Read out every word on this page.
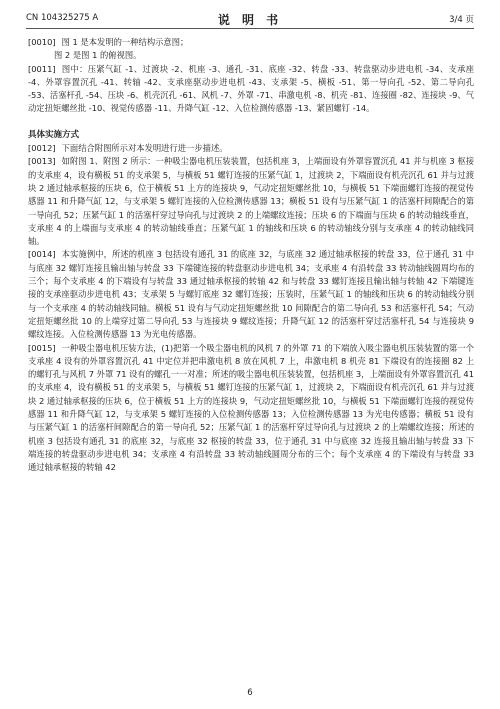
CN 104325275 A	说 明 书	3/4 页

[0010] 图 1 是本发明的一种结构示意图；

图 2 是图 1 的俯视图。

[0011] 图中：压紧气缸 -1、过渡块 -2、机座 -3、通孔 -31、底座 -32、转盘 -33、转盘驱动步进电机 -34、支承座 -4、外罩容置沉孔 -41、转轴 -42、支承座驱动步进电机 -43、支承架 -5、横板 -51、第一导向孔 -52、第二导向孔 -53、活塞杆孔 -54、压块 -6、机壳沉孔 -61、风机 -7、外罩 -71、串激电机 -8、机壳 -81、连接圈 -82、连接块 -9、气动定扭矩螺丝批 -10、视觉传感器 -11、升降气缸 -12、入位检测传感器 -13、紧固螺钉 -14。

具体实施方式

[0012] 下面结合附图所示对本发明进行进一步描述。

[0013] 如附图 1、附图 2 所示：一种吸尘器电机压装装置，包括机座 3，上端面设有外罩容置沉孔 41 并与机座 3 枢接的支承座 4，设有横板 51 的支承架 5，与横板 51 螺钉连接的压紧气缸 1，过渡块 2，下端面设有机壳沉孔 61 并与过渡块 2 通过轴承枢接的压块 6，位于横板 51 上方的连接块 9，气动定扭矩螺丝批 10，与横板 51 下端面螺钉连接的视觉传感器 11 和升降气缸 12，与支承架 5 螺钉连接的入位检测传感器 13；横板 51 设有与压紧气缸 1 的活塞杆间隙配合的第一导向孔 52；压紧气缸 1 的活塞杆穿过导向孔与过渡块 2 的上端螺纹连接；压块 6 的下端面与压块 6 的转动轴线垂直，支承座 4 的上端面与支承座 4 的转动轴线垂直；压紧气缸 1 的轴线和压块 6 的转动轴线分别与支承座 4 的转动轴线同轴。

[0014] 本实施例中，所述的机座 3 包括设有通孔 31 的底座 32，与底座 32 通过轴承枢接的转盘 33，位于通孔 31 中与底座 32 螺钉连接且输出轴与转盘 33 下端键连接的转盘驱动步进电机 34；支承座 4 有沿转盘 33 转动轴线圆周均布的三个；每个支承座 4 的下端设有与转盘 33 通过轴承枢接的转轴 42 和与转盘 33 螺钉连接且输出轴与转轴 42 下端键连接的支承座驱动步进电机 43；支承架 5 与螺钉底座 32 螺钉连接；压装时，压紧气缸 1 的轴线和压块 6 的转动轴线分别与一个支承座 4 的转动轴线同轴。横板 51 设有与气动定扭矩螺丝批 10 间隙配合的第二导向孔 53 和活塞杆孔 54；气动定扭矩螺丝批 10 的上端穿过第二导向孔 53 与连接块 9 螺纹连接；升降气缸 12 的活塞杆穿过活塞杆孔 54 与连接块 9 螺纹连接。入位检测传感器 13 为光电传感器。

[0015] 一种吸尘器电机压装方法，(1)把第一个吸尘器电机的风机 7 的外罩 71 的下端放入吸尘器电机压装装置的第一个支承座 4 设有的外罩容置沉孔 41 中定位并把串激电机 8 放在风机 7 上，串激电机 8 机壳 81 下端设有的连接圈 82 上的螺钉孔与风机 7 外罩 71 设有的螺孔一一对准；所述的吸尘器电机压装装置，包括机座 3，上端面设有外罩容置沉孔 41 的支承座 4，设有横板 51 的支承架 5，与横板 51 螺钉连接的压紧气缸 1，过渡块 2，下端面设有机壳沉孔 61 并与过渡块 2 通过轴承枢接的压块 6，位于横板 51 上方的连接块 9，气动定扭矩螺丝批 10，与横板 51 下端面螺钉连接的视觉传感器 11 和升降气缸 12，与支承架 5 螺钉连接的入位检测传感器 13；入位检测传感器 13 为光电传感器；横板 51 设有与压紧气缸 1 的活塞杆间隙配合的第一导向孔 52；压紧气缸 1 的活塞杆穿过导向孔与过渡块 2 的上端螺纹连接；所述的机座 3 包括设有通孔 31 的底座 32，与底座 32 枢接的转盘 33，位于通孔 31 中与底座 32 连接且输出轴与转盘 33 下端连接的转盘驱动步进电机 34；支承座 4 有沿转盘 33 转动轴线圆周分布的三个；每个支承座 4 的下端设有与转盘 33 通过轴承枢接的转轴 42

6
